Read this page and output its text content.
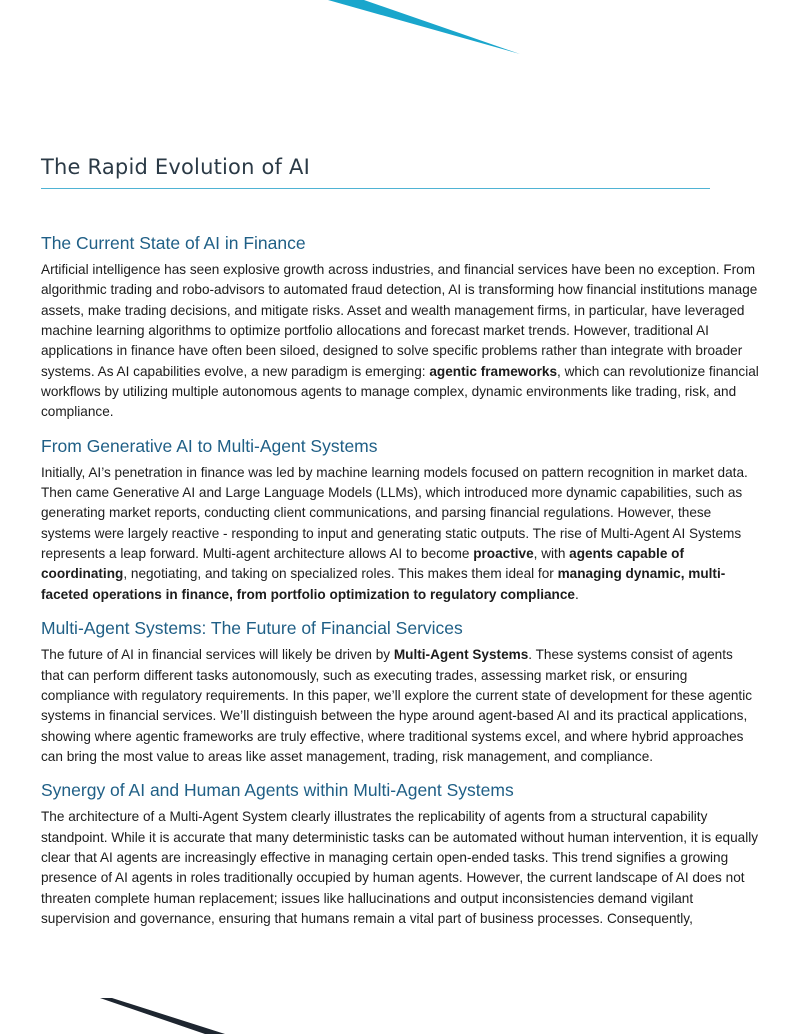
The Rapid Evolution of AI
The Current State of AI in Finance

Artificial intelligence has seen explosive growth across industries, and financial services have been no exception. From algorithmic trading and robo-advisors to automated fraud detection, AI is transforming how financial institutions manage assets, make trading decisions, and mitigate risks. Asset and wealth management firms, in particular, have leveraged machine learning algorithms to optimize portfolio allocations and forecast market trends. However, traditional AI applications in finance have often been siloed, designed to solve specific problems rather than integrate with broader systems. As AI capabilities evolve, a new paradigm is emerging: agentic frameworks, which can revolutionize financial workflows by utilizing multiple autonomous agents to manage complex, dynamic environments like trading, risk, and compliance.

From Generative AI to Multi-Agent Systems

Initially, AI’s penetration in finance was led by machine learning models focused on pattern recognition in market data. Then came Generative AI and Large Language Models (LLMs), which introduced more dynamic capabilities, such as generating market reports, conducting client communications, and parsing financial regulations. However, these systems were largely reactive - responding to input and generating static outputs. The rise of Multi-Agent AI Systems represents a leap forward. Multi-agent architecture allows AI to become proactive, with agents capable of coordinating, negotiating, and taking on specialized roles. This makes them ideal for managing dynamic, multi-faceted operations in finance, from portfolio optimization to regulatory compliance.

Multi-Agent Systems: The Future of Financial Services

The future of AI in financial services will likely be driven by Multi-Agent Systems. These systems consist of agents that can perform different tasks autonomously, such as executing trades, assessing market risk, or ensuring compliance with regulatory requirements. In this paper, we’ll explore the current state of development for these agentic systems in financial services. We’ll distinguish between the hype around agent-based AI and its practical applications, showing where agentic frameworks are truly effective, where traditional systems excel, and where hybrid approaches can bring the most value to areas like asset management, trading, risk management, and compliance.

Synergy of AI and Human Agents within Multi-Agent Systems

The architecture of a Multi-Agent System clearly illustrates the replicability of agents from a structural capability standpoint. While it is accurate that many deterministic tasks can be automated without human intervention, it is equally clear that AI agents are increasingly effective in managing certain open-ended tasks. This trend signifies a growing presence of AI agents in roles traditionally occupied by human agents. However, the current landscape of AI does not threaten complete human replacement; issues like hallucinations and output inconsistencies demand vigilant supervision and governance, ensuring that humans remain a vital part of business processes. Consequently,
